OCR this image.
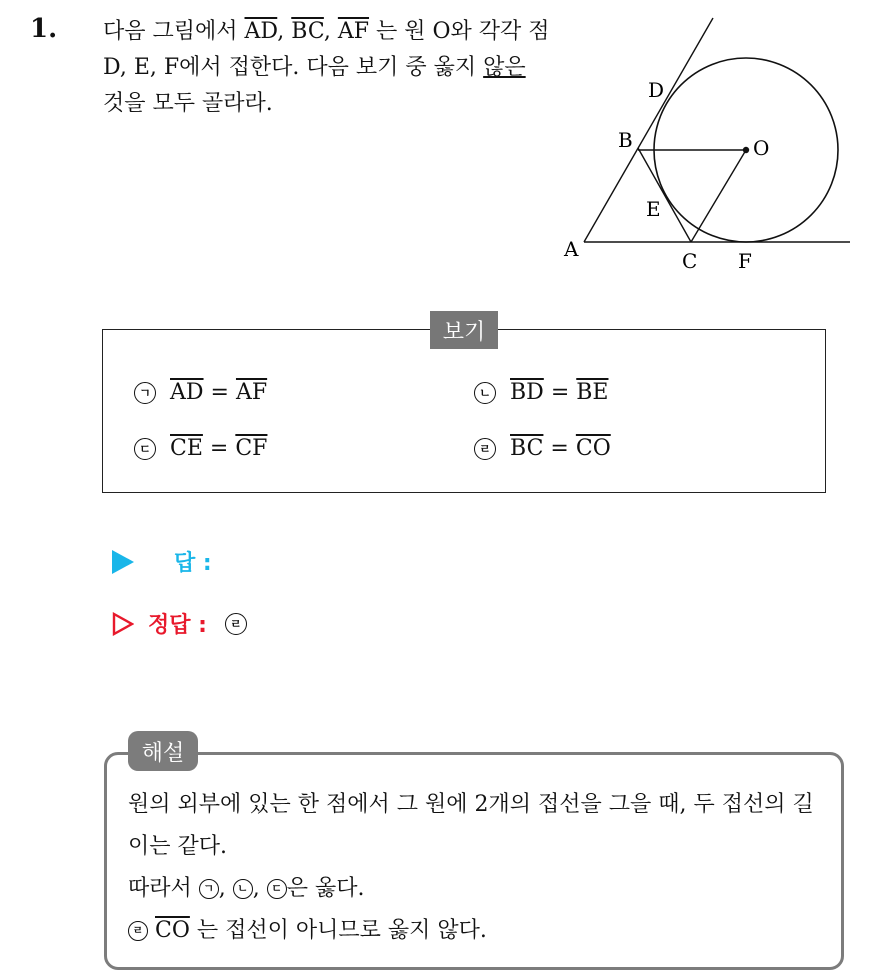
1. 다음 그림에서 $\overline{AD}$, $\overline{BC}$, $\overline{AF}$ 는 원 O와 각각 점 D, E, F에서 접한다. 다음 보기 중 옳지 않은 것을 모두 골라라.
D
B	O
E
A	C F
보기
ㄱ $\overline{AD} = \overline{AF}$	ㄴ $\overline{BD} = \overline{BE}$
ㄷ $\overline{CE} = \overline{CF}$	ㄹ $\overline{BC} = \overline{CO}$
답 :
정답 :	ㄹ
해설
원의 외부에 있는 한 점에서 그 원에 2개의 접선을 그을 때, 두 접선의 길이는 같다.
따라서 ㄱ , ㄴ , ㄷ 은 옳다.
ㄹ $\overline{CO}$ 는 접선이 아니므로 옳지 않다.
